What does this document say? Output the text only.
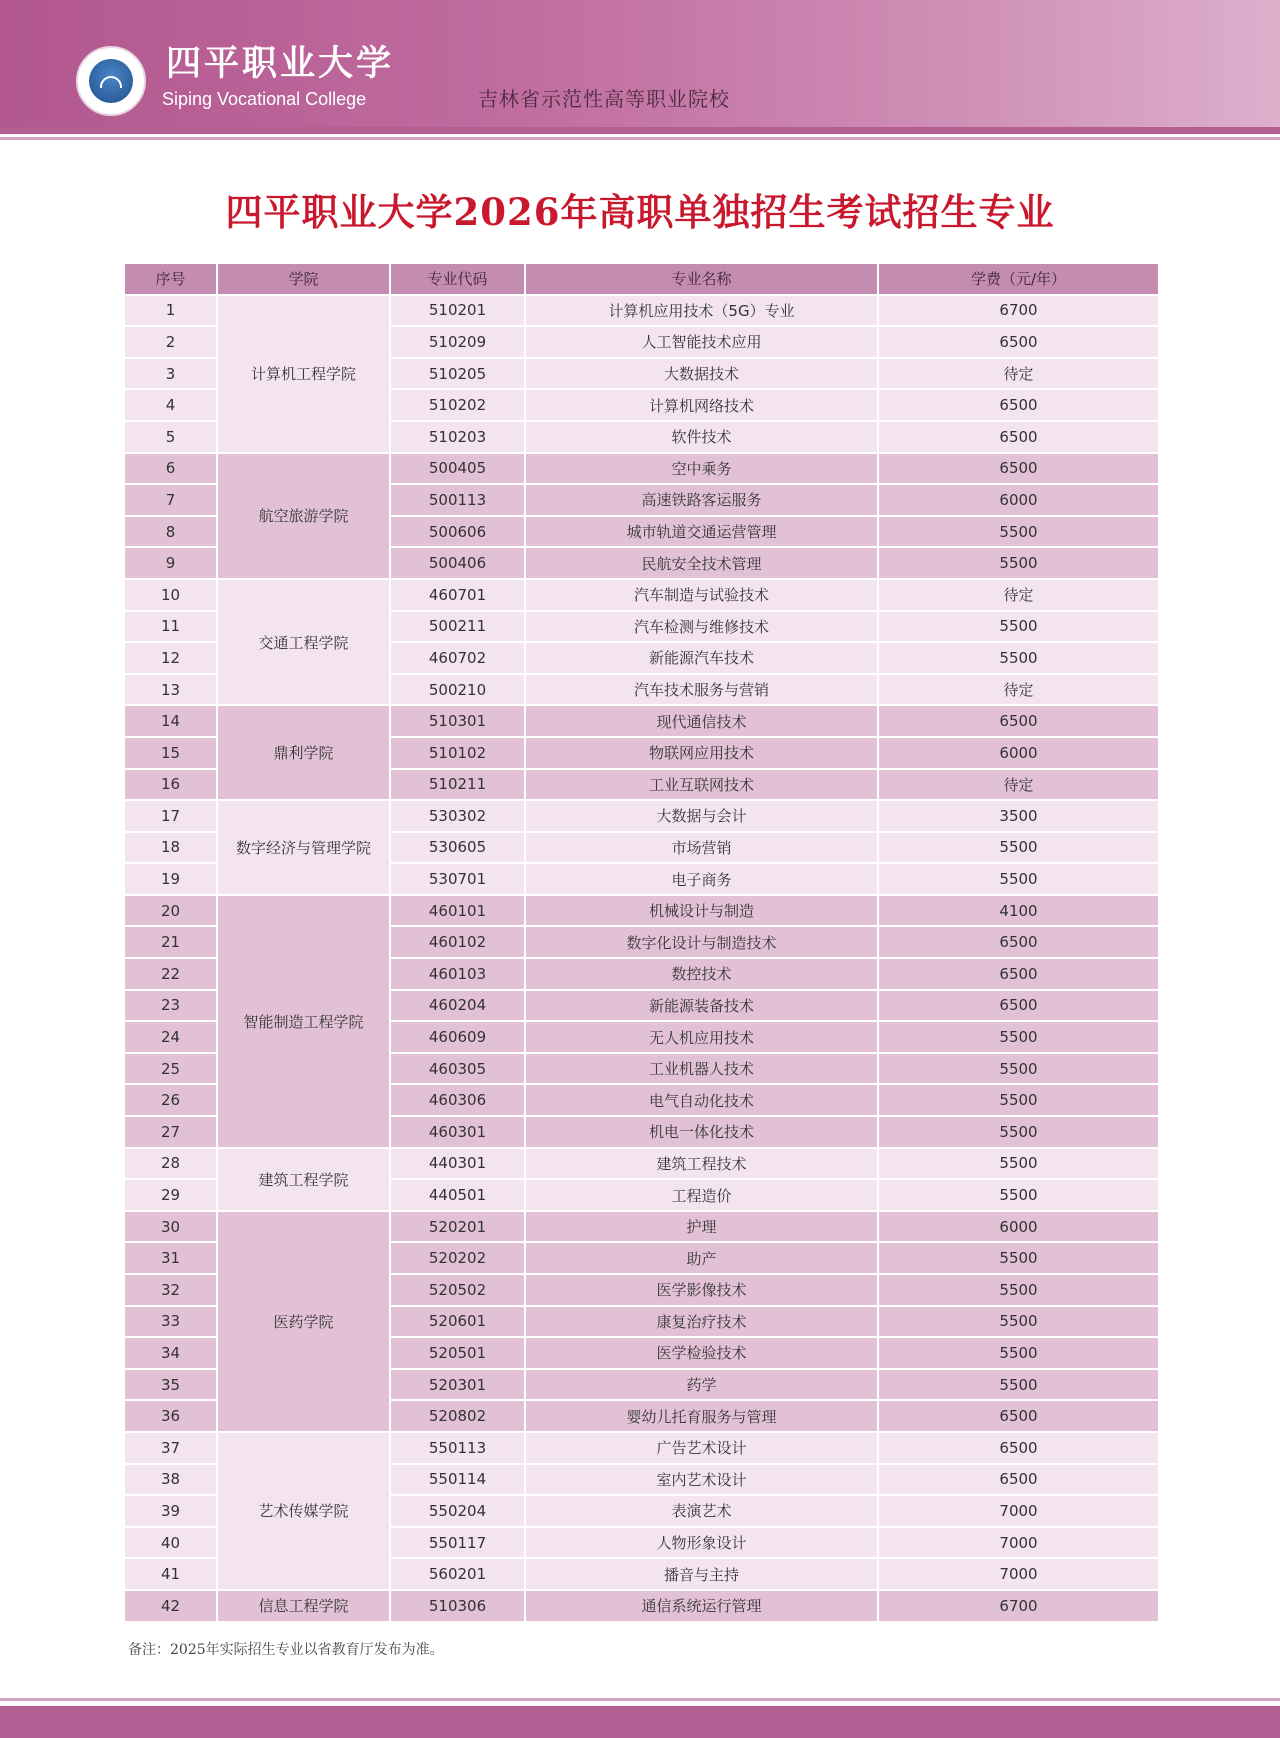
四平职业大学
Siping Vocational College	吉林省示范性高等职业院校
四平职业大学2026年高职单独招生考试招生专业
序号	学院	专业代码	专业名称	学费（元/年）
1	计算机工程学院	510201	计算机应用技术（5G）专业	6700
2		510209	人工智能技术应用	6500
3		510205	大数据技术	待定
4		510202	计算机网络技术	6500
5		510203	软件技术	6500
6	航空旅游学院	500405	空中乘务	6500
7		500113	高速铁路客运服务	6000
8		500606	城市轨道交通运营管理	5500
9		500406	民航安全技术管理	5500
10	交通工程学院	460701	汽车制造与试验技术	待定
11		500211	汽车检测与维修技术	5500
12		460702	新能源汽车技术	5500
13		500210	汽车技术服务与营销	待定
14	鼎利学院	510301	现代通信技术	6500
15		510102	物联网应用技术	6000
16		510211	工业互联网技术	待定
17	数字经济与管理学院	530302	大数据与会计	3500
18		530605	市场营销	5500
19		530701	电子商务	5500
20	智能制造工程学院	460101	机械设计与制造	4100
21		460102	数字化设计与制造技术	6500
22		460103	数控技术	6500
23		460204	新能源装备技术	6500
24		460609	无人机应用技术	5500
25		460305	工业机器人技术	5500
26		460306	电气自动化技术	5500
27		460301	机电一体化技术	5500
28	建筑工程学院	440301	建筑工程技术	5500
29		440501	工程造价	5500
30	医药学院	520201	护理	6000
31		520202	助产	5500
32		520502	医学影像技术	5500
33		520601	康复治疗技术	5500
34		520501	医学检验技术	5500
35		520301	药学	5500
36		520802	婴幼儿托育服务与管理	6500
37	艺术传媒学院	550113	广告艺术设计	6500
38		550114	室内艺术设计	6500
39		550204	表演艺术	7000
40		550117	人物形象设计	7000
41		560201	播音与主持	7000
42	信息工程学院	510306	通信系统运行管理	6700
备注：2025年实际招生专业以省教育厅发布为准。
